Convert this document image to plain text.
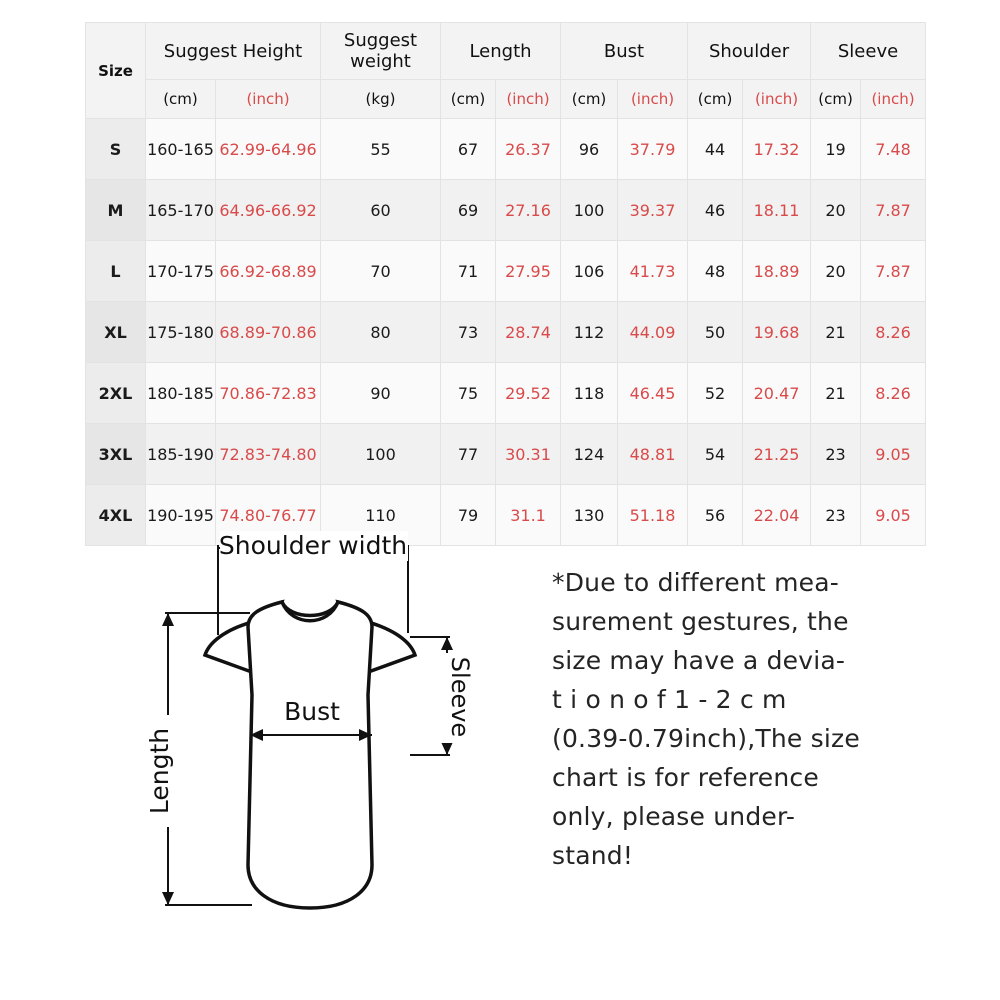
Size	Suggest Height		Suggest weight	Length		Bust		Shoulder		Sleeve	
	(cm)	(inch)	(kg)	(cm)	(inch)	(cm)	(inch)	(cm)	(inch)	(cm)	(inch)
S	160-165	62.99-64.96	55	67	26.37	96	37.79	44	17.32	19	7.48
M	165-170	64.96-66.92	60	69	27.16	100	39.37	46	18.11	20	7.87
L	170-175	66.92-68.89	70	71	27.95	106	41.73	48	18.89	20	7.87
XL	175-180	68.89-70.86	80	73	28.74	112	44.09	50	19.68	21	8.26
2XL	180-185	70.86-72.83	90	75	29.52	118	46.45	52	20.47	21	8.26
3XL	185-190	72.83-74.80	100	77	30.31	124	48.81	54	21.25	23	9.05
4XL	190-195	74.80-76.77	110	79	31.1	130	51.18	56	22.04	23	9.05
Shoulder width
Bust
Length
Sleeve

*Due to different mea-

surement gestures, the

size may have a devia-

t i o n o f 1 - 2 c m

(0.39-0.79inch),The size

chart is for reference

only, please under-

stand!
